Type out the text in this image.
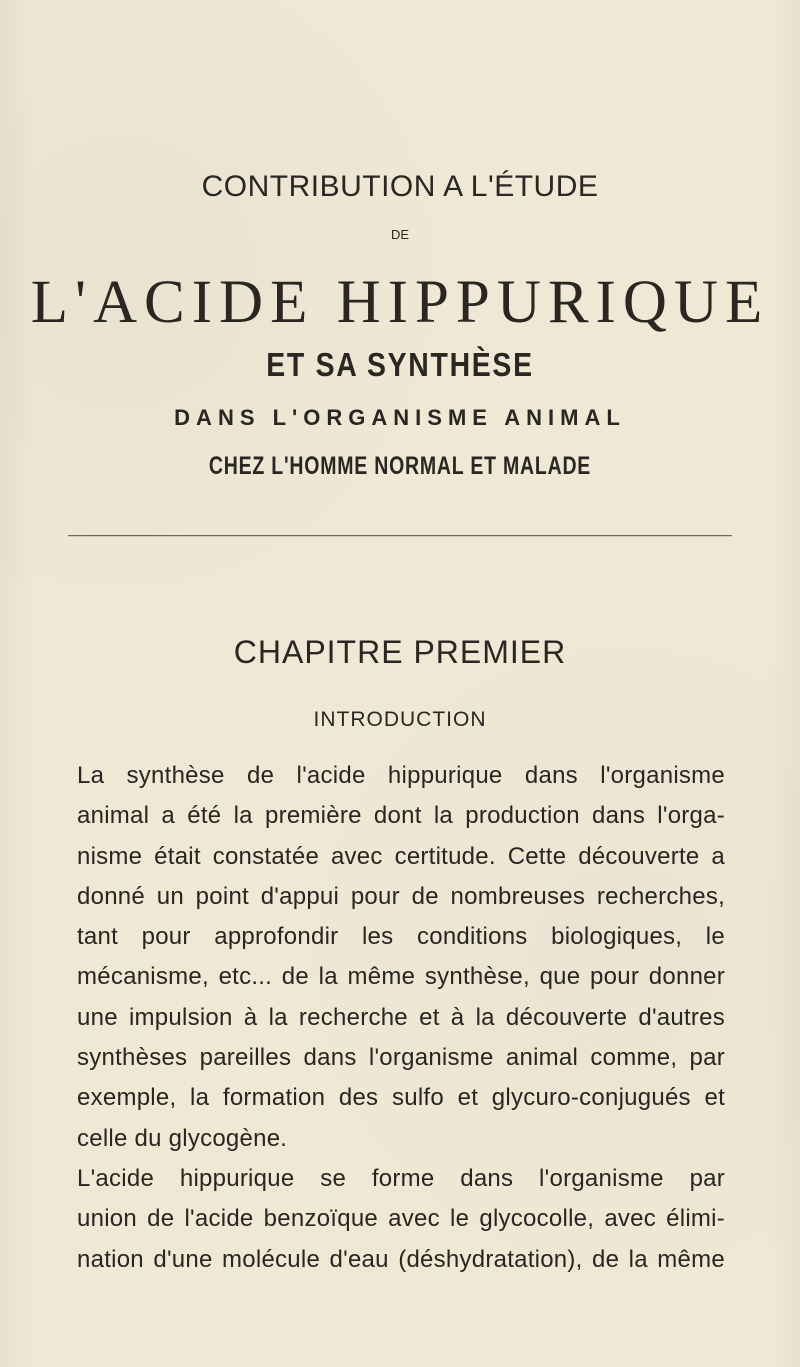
CONTRIBUTION A L'ÉTUDE
DE
L'ACIDE HIPPURIQUE
ET SA SYNTHÈSE
DANS L'ORGANISME ANIMAL
CHEZ L'HOMME NORMAL ET MALADE
CHAPITRE PREMIER
INTRODUCTION

La synthèse de l'acide hippurique dans l'organisme
animal a été la première dont la production dans l'orga-
nisme était constatée avec certitude. Cette découverte a
donné un point d'appui pour de nombreuses recherches,
tant pour approfondir les conditions biologiques, le
mécanisme, etc... de la même synthèse, que pour donner
une impulsion à la recherche et à la découverte d'autres
synthèses pareilles dans l'organisme animal comme, par
exemple, la formation des sulfo et glycuro-conjugués et
celle du glycogène.

L'acide hippurique se forme dans l'organisme par
union de l'acide benzoïque avec le glycocolle, avec élimi-
nation d'une molécule d'eau (déshydratation), de la même
